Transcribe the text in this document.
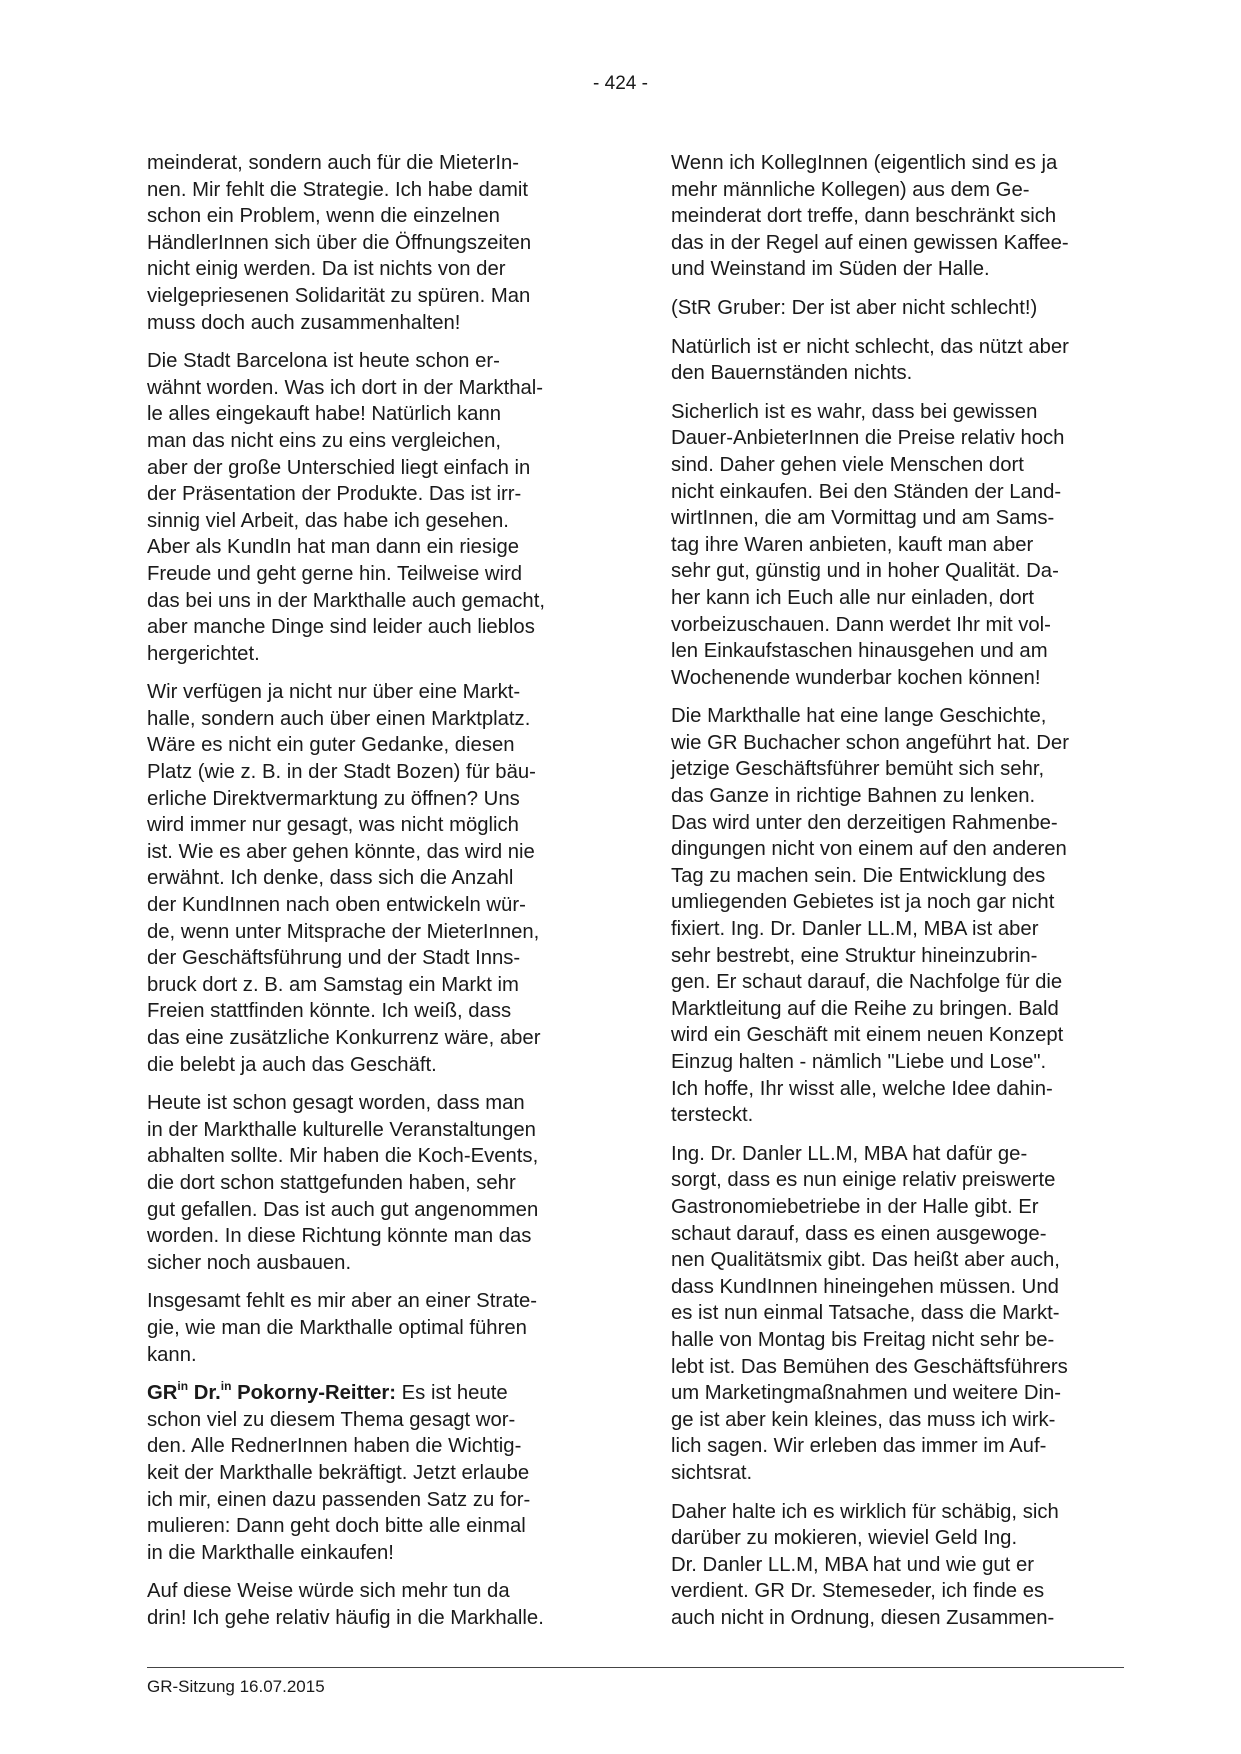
- 424 -

meinderat, sondern auch für die MieterIn-
nen. Mir fehlt die Strategie. Ich habe damit
schon ein Problem, wenn die einzelnen
HändlerInnen sich über die Öffnungszeiten
nicht einig werden. Da ist nichts von der
vielgepriesenen Solidarität zu spüren. Man
muss doch auch zusammenhalten!

Die Stadt Barcelona ist heute schon er-
wähnt worden. Was ich dort in der Markthal-
le alles eingekauft habe! Natürlich kann
man das nicht eins zu eins vergleichen,
aber der große Unterschied liegt einfach in
der Präsentation der Produkte. Das ist irr-
sinnig viel Arbeit, das habe ich gesehen.
Aber als KundIn hat man dann ein riesige
Freude und geht gerne hin. Teilweise wird
das bei uns in der Markthalle auch gemacht,
aber manche Dinge sind leider auch lieblos
hergerichtet.

Wir verfügen ja nicht nur über eine Markt-
halle, sondern auch über einen Marktplatz.
Wäre es nicht ein guter Gedanke, diesen
Platz (wie z. B. in der Stadt Bozen) für bäu-
erliche Direktvermarktung zu öffnen? Uns
wird immer nur gesagt, was nicht möglich
ist. Wie es aber gehen könnte, das wird nie
erwähnt. Ich denke, dass sich die Anzahl
der KundInnen nach oben entwickeln wür-
de, wenn unter Mitsprache der MieterInnen,
der Geschäftsführung und der Stadt Inns-
bruck dort z. B. am Samstag ein Markt im
Freien stattfinden könnte. Ich weiß, dass
das eine zusätzliche Konkurrenz wäre, aber
die belebt ja auch das Geschäft.

Heute ist schon gesagt worden, dass man
in der Markthalle kulturelle Veranstaltungen
abhalten sollte. Mir haben die Koch-Events,
die dort schon stattgefunden haben, sehr
gut gefallen. Das ist auch gut angenommen
worden. In diese Richtung könnte man das
sicher noch ausbauen.

Insgesamt fehlt es mir aber an einer Strate-
gie, wie man die Markthalle optimal führen
kann.

$GR^{in}$ Dr.$^{in}$ Pokorny-Reitter: Es ist heute
schon viel zu diesem Thema gesagt wor-
den. Alle RednerInnen haben die Wichtig-
keit der Markthalle bekräftigt. Jetzt erlaube
ich mir, einen dazu passenden Satz zu for-
mulieren: Dann geht doch bitte alle einmal
in die Markthalle einkaufen!

Auf diese Weise würde sich mehr tun da
drin! Ich gehe relativ häufig in die Markhalle.

Wenn ich KollegInnen (eigentlich sind es ja
mehr männliche Kollegen) aus dem Ge-
meinderat dort treffe, dann beschränkt sich
das in der Regel auf einen gewissen Kaffee-
und Weinstand im Süden der Halle.

(StR Gruber: Der ist aber nicht schlecht!)

Natürlich ist er nicht schlecht, das nützt aber
den Bauernständen nichts.

Sicherlich ist es wahr, dass bei gewissen
Dauer-AnbieterInnen die Preise relativ hoch
sind. Daher gehen viele Menschen dort
nicht einkaufen. Bei den Ständen der Land-
wirtInnen, die am Vormittag und am Sams-
tag ihre Waren anbieten, kauft man aber
sehr gut, günstig und in hoher Qualität. Da-
her kann ich Euch alle nur einladen, dort
vorbeizuschauen. Dann werdet Ihr mit vol-
len Einkaufstaschen hinausgehen und am
Wochenende wunderbar kochen können!

Die Markthalle hat eine lange Geschichte,
wie GR Buchacher schon angeführt hat. Der
jetzige Geschäftsführer bemüht sich sehr,
das Ganze in richtige Bahnen zu lenken.
Das wird unter den derzeitigen Rahmenbe-
dingungen nicht von einem auf den anderen
Tag zu machen sein. Die Entwicklung des
umliegenden Gebietes ist ja noch gar nicht
fixiert. Ing. Dr. Danler LL.M, MBA ist aber
sehr bestrebt, eine Struktur hineinzubrin-
gen. Er schaut darauf, die Nachfolge für die
Marktleitung auf die Reihe zu bringen. Bald
wird ein Geschäft mit einem neuen Konzept
Einzug halten - nämlich "Liebe und Lose".
Ich hoffe, Ihr wisst alle, welche Idee dahin-
tersteckt.

Ing. Dr. Danler LL.M, MBA hat dafür ge-
sorgt, dass es nun einige relativ preiswerte
Gastronomiebetriebe in der Halle gibt. Er
schaut darauf, dass es einen ausgewoge-
nen Qualitätsmix gibt. Das heißt aber auch,
dass KundInnen hineingehen müssen. Und
es ist nun einmal Tatsache, dass die Markt-
halle von Montag bis Freitag nicht sehr be-
lebt ist. Das Bemühen des Geschäftsführers
um Marketingmaßnahmen und weitere Din-
ge ist aber kein kleines, das muss ich wirk-
lich sagen. Wir erleben das immer im Auf-
sichtsrat.

Daher halte ich es wirklich für schäbig, sich
darüber zu mokieren, wieviel Geld Ing.
Dr. Danler LL.M, MBA hat und wie gut er
verdient. GR Dr. Stemeseder, ich finde es
auch nicht in Ordnung, diesen Zusammen-

GR-Sitzung 16.07.2015
